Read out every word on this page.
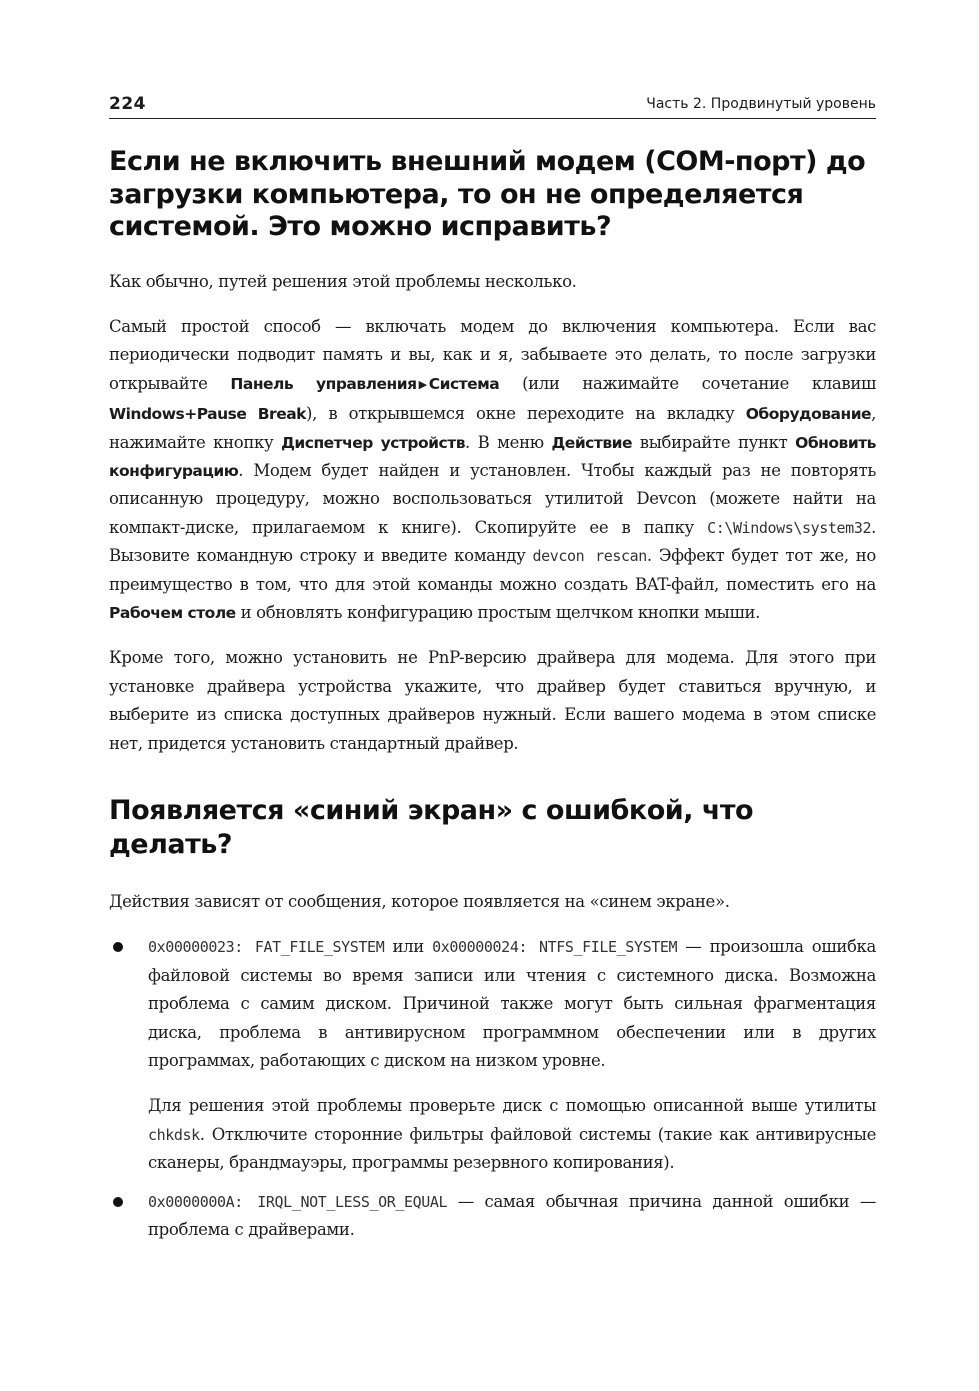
224	Часть 2. Продвинутый уровень
Если не включить внешний модем (COM-порт) до загрузки компьютера, то он не определяется системой. Это можно исправить?

Как обычно, путей решения этой проблемы несколько.

Самый простой способ — включать модем до включения компьютера. Если вас периодически подводит память и вы, как и я, забываете это делать, то после загрузки открывайте Панель управления ▶ Система (или нажимайте сочетание клавиш Windows+Pause Break), в открывшемся окне переходите на вкладку Оборудование, нажимайте кнопку Диспетчер устройств. В меню Действие выбирайте пункт Обновить конфигурацию. Модем будет найден и установлен. Чтобы каждый раз не повторять описанную процедуру, можно воспользоваться утилитой Devcon (можете найти на компакт-диске, прилагаемом к книге). Скопируйте ее в папку C:\Windows\system32. Вызовите командную строку и введите команду devcon rescan. Эффект будет тот же, но преимущество в том, что для этой команды можно создать BAT-файл, поместить его на Рабочем столе и обновлять конфигурацию простым щелчком кнопки мыши.

Кроме того, можно установить не PnP-версию драйвера для модема. Для этого при установке драйвера устройства укажите, что драйвер будет ставиться вручную, и выберите из списка доступных драйверов нужный. Если вашего модема в этом списке нет, придется установить стандартный драйвер.

Появляется «синий экран» с ошибкой, что делать?

Действия зависят от сообщения, которое появляется на «синем экране».

0x00000023: FAT_FILE_SYSTEM или 0x00000024: NTFS_FILE_SYSTEM — произошла ошибка файловой системы во время записи или чтения с системного диска. Возможна проблема с самим диском. Причиной также могут быть сильная фрагментация диска, проблема в антивирусном программном обеспечении или в других программах, работающих с диском на низком уровне.

Для решения этой проблемы проверьте диск с помощью описанной выше утилиты chkdsk. Отключите сторонние фильтры файловой системы (такие как антивирусные сканеры, брандмауэры, программы резервного копирования).

0x0000000A: IRQL_NOT_LESS_OR_EQUAL — самая обычная причина данной ошибки — проблема с драйверами.
